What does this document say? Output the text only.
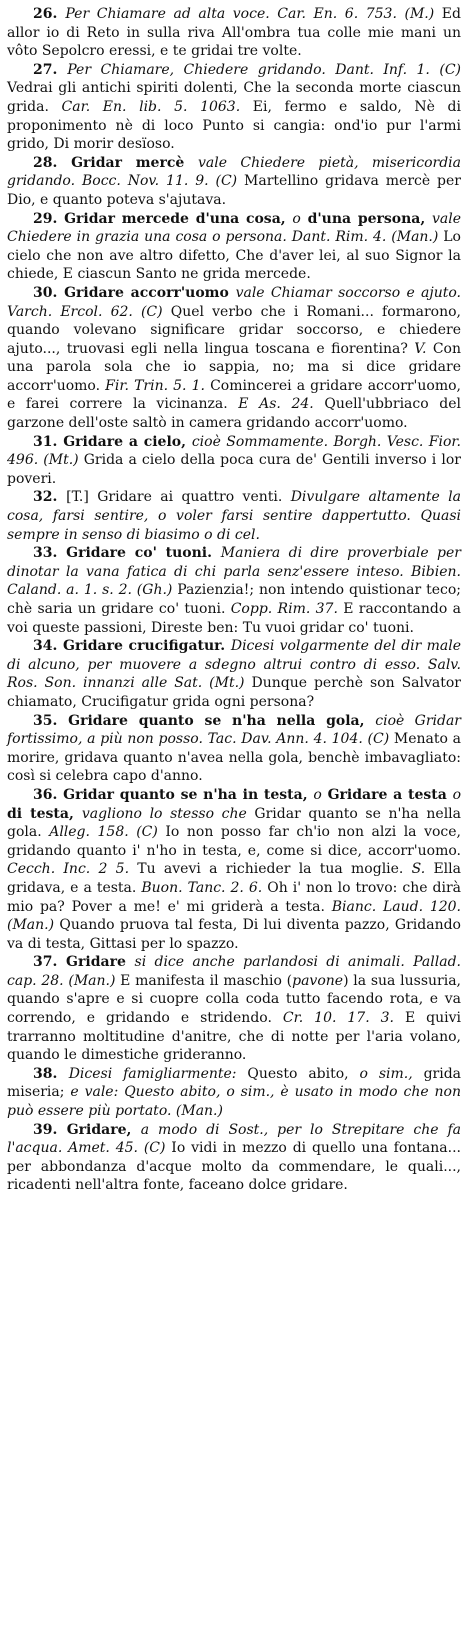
26. Per Chiamare ad alta voce. Car. En. 6. 753. (M.) Ed allor io di Reto in sulla riva All'ombra tua colle mie mani un vôto Sepolcro eressi, e te gridai tre volte.

27. Per Chiamare, Chiedere gridando. Dant. Inf. 1. (C) Vedrai gli antichi spiriti dolenti, Che la seconda morte ciascun grida. Car. En. lib. 5. 1063. Ei, fermo e saldo, Nè di proponimento nè di loco Punto si cangia: ond'io pur l'armi grido, Di morir desïoso.

28. Gridar mercè vale Chiedere pietà, misericordia gridando. Bocc. Nov. 11. 9. (C) Martellino gridava mercè per Dio, e quanto poteva s'ajutava.

29. Gridar mercede d'una cosa, o d'una persona, vale Chiedere in grazia una cosa o persona. Dant. Rim. 4. (Man.) Lo cielo che non ave altro difetto, Che d'aver lei, al suo Signor la chiede, E ciascun Santo ne grida mercede.

30. Gridare accorr'uomo vale Chiamar soccorso e ajuto. Varch. Ercol. 62. (C) Quel verbo che i Romani... formarono, quando volevano significare gridar soccorso, e chiedere ajuto..., truovasi egli nella lingua toscana e fiorentina? V. Con una parola sola che io sappia, no; ma si dice gridare accorr'uomo. Fir. Trin. 5. 1. Comincerei a gridare accorr'uomo, e farei correre la vicinanza. E As. 24. Quell'ubbriaco del garzone dell'oste saltò in camera gridando accorr'uomo.

31. Gridare a cielo, cioè Sommamente. Borgh. Vesc. Fior. 496. (Mt.) Grida a cielo della poca cura de' Gentili inverso i lor poveri.

32. [T.] Gridare ai quattro venti. Divulgare altamente la cosa, farsi sentire, o voler farsi sentire dappertutto. Quasi sempre in senso di biasimo o di cel.

33. Gridare co' tuoni. Maniera di dire proverbiale per dinotar la vana fatica di chi parla senz'essere inteso. Bibien. Caland. a. 1. s. 2. (Gh.) Pazienzia!; non intendo quistionar teco; chè saria un gridare co' tuoni. Copp. Rim. 37. E raccontando a voi queste passioni, Direste ben: Tu vuoi gridar co' tuoni.

34. Gridare crucifigatur. Dicesi volgarmente del dir male di alcuno, per muovere a sdegno altrui contro di esso. Salv. Ros. Son. innanzi alle Sat. (Mt.) Dunque perchè son Salvator chiamato, Crucifigatur grida ogni persona?

35. Gridare quanto se n'ha nella gola, cioè Gridar fortissimo, a più non posso. Tac. Dav. Ann. 4. 104. (C) Menato a morire, gridava quanto n'avea nella gola, benchè imbavagliato: così si celebra capo d'anno.

36. Gridar quanto se n'ha in testa, o Gridare a testa o di testa, vagliono lo stesso che Gridar quanto se n'ha nella gola. Alleg. 158. (C) Io non posso far ch'io non alzi la voce, gridando quanto i' n'ho in testa, e, come si dice, accorr'uomo. Cecch. Inc. 2 5. Tu avevi a richieder la tua moglie. S. Ella gridava, e a testa. Buon. Tanc. 2. 6. Oh i' non lo trovo: che dirà mio pa? Pover a me! e' mi griderà a testa. Bianc. Laud. 120. (Man.) Quando pruova tal festa, Di lui diventa pazzo, Gridando va di testa, Gittasi per lo spazzo.

37. Gridare si dice anche parlandosi di animali. Pallad. cap. 28. (Man.) E manifesta il maschio (pavone) la sua lussuria, quando s'apre e si cuopre colla coda tutto facendo rota, e va correndo, e gridando e stridendo. Cr. 10. 17. 3. E quivi trarranno moltitudine d'anitre, che di notte per l'aria volano, quando le dimestiche grideranno.

38. Dicesi famigliarmente: Questo abito, o sim., grida miseria; e vale: Questo abito, o sim., è usato in modo che non può essere più portato. (Man.)

39. Gridare, a modo di Sost., per lo Strepitare che fa l'acqua. Amet. 45. (C) Io vidi in mezzo di quello una fontana... per abbondanza d'acque molto da commendare, le quali..., ricadenti nell'altra fonte, faceano dolce gridare.
